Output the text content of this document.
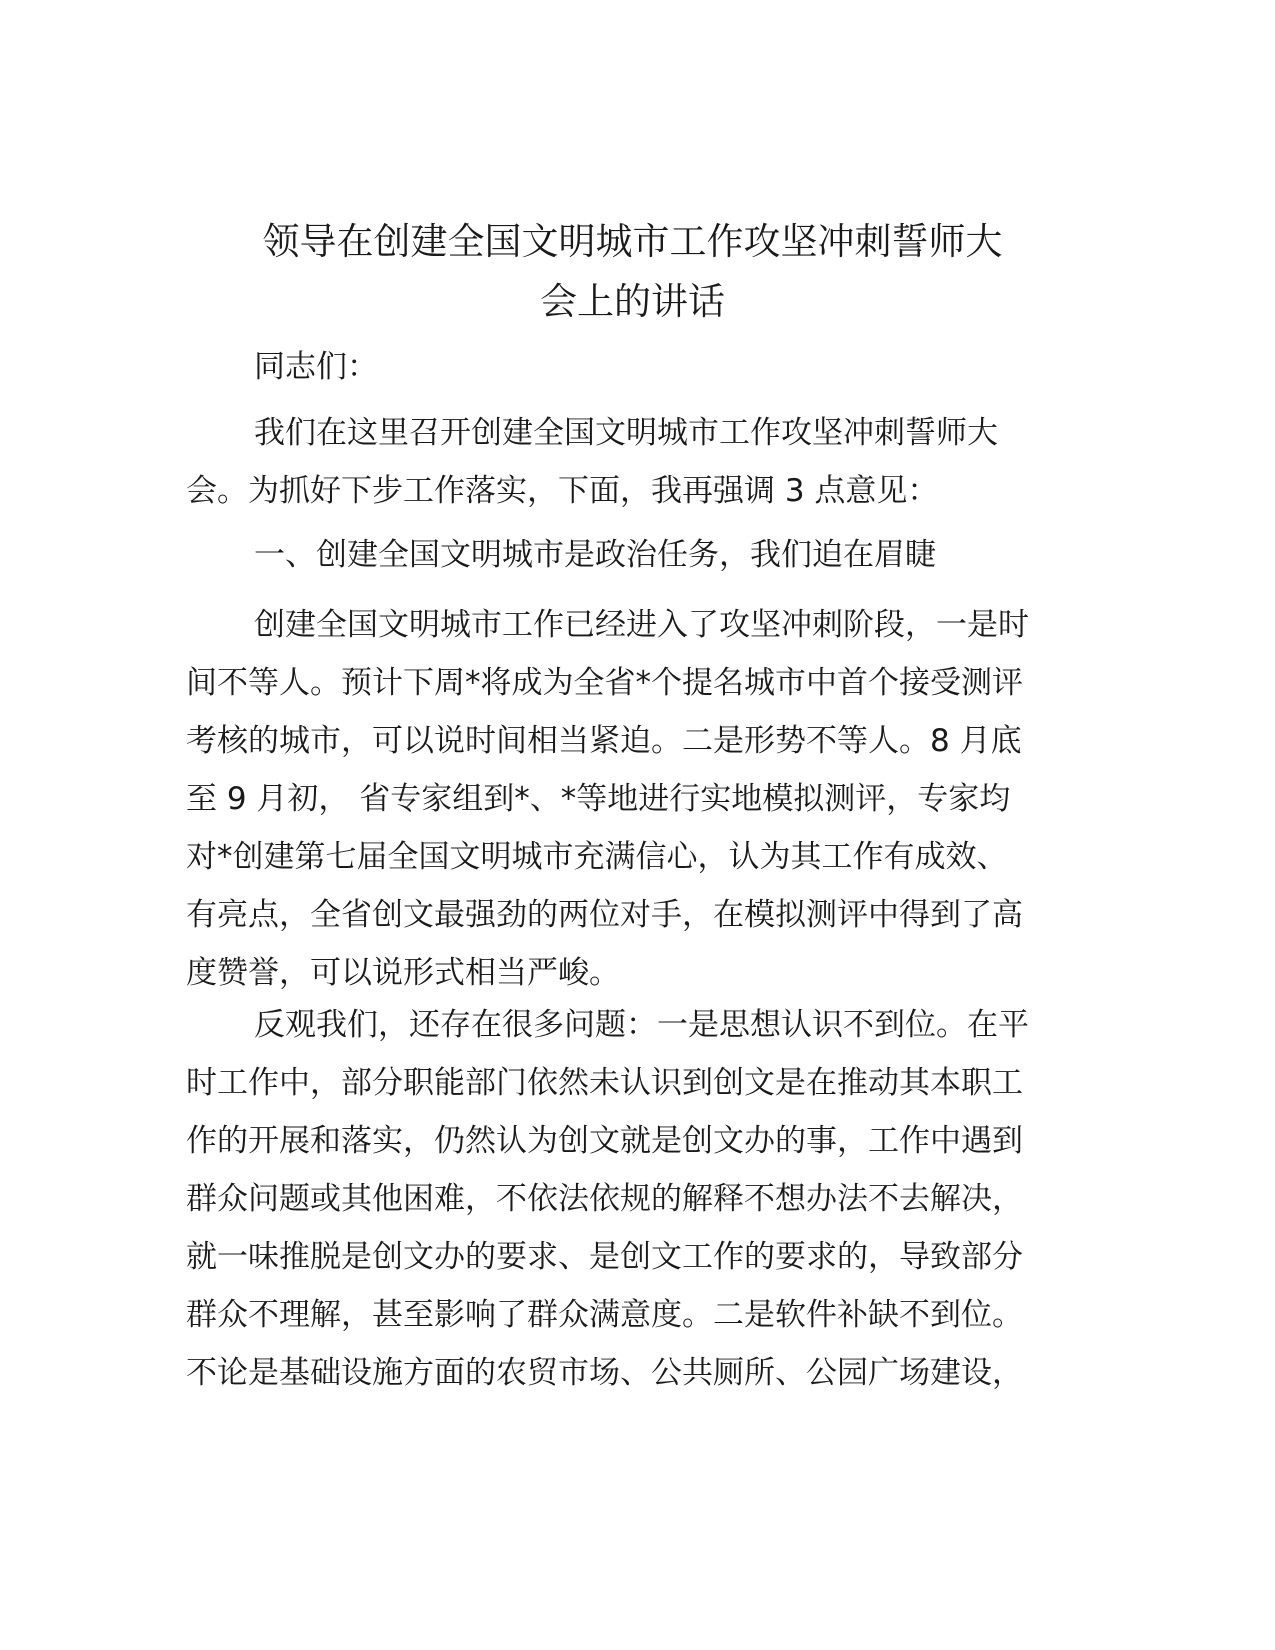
领导在创建全国文明城市工作攻坚冲刺誓师大
会上的讲话
同志们：
我们在这里召开创建全国文明城市工作攻坚冲刺誓师大
会。为抓好下步工作落实，下面，我再强调 3 点意见：
一、创建全国文明城市是政治任务，我们迫在眉睫
创建全国文明城市工作已经进入了攻坚冲刺阶段，一是时
间不等人。预计下周*将成为全省*个提名城市中首个接受测评
考核的城市，可以说时间相当紧迫。二是形势不等人。8 月底
至 9 月初， 省专家组到*、*等地进行实地模拟测评，专家均
对*创建第七届全国文明城市充满信心，认为其工作有成效、
有亮点，全省创文最强劲的两位对手，在模拟测评中得到了高
度赞誉，可以说形式相当严峻。
反观我们，还存在很多问题：一是思想认识不到位。在平
时工作中，部分职能部门依然未认识到创文是在推动其本职工
作的开展和落实，仍然认为创文就是创文办的事，工作中遇到
群众问题或其他困难，不依法依规的解释不想办法不去解决，
就一味推脱是创文办的要求、是创文工作的要求的，导致部分
群众不理解，甚至影响了群众满意度。二是软件补缺不到位。
不论是基础设施方面的农贸市场、公共厕所、公园广场建设，
